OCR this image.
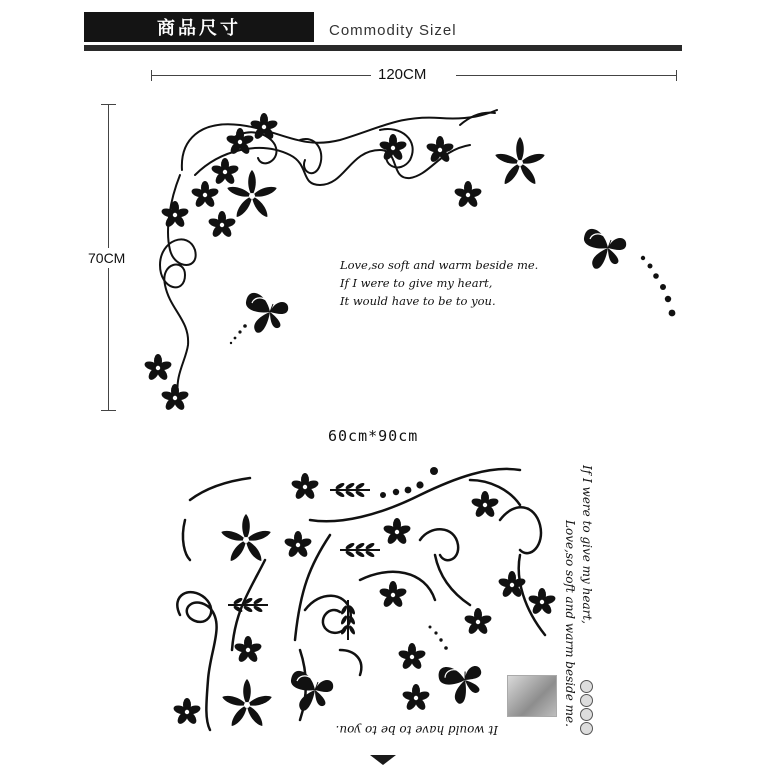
商品尺寸	Commodity Sizel
120CM
70CM	Love,so soft and warm beside me.
If I were to give my heart,
It would have to be to you.
60cm*90cm
If I were to give my heart,
Love,so soft and warm beside me.
It would have to be to you.
